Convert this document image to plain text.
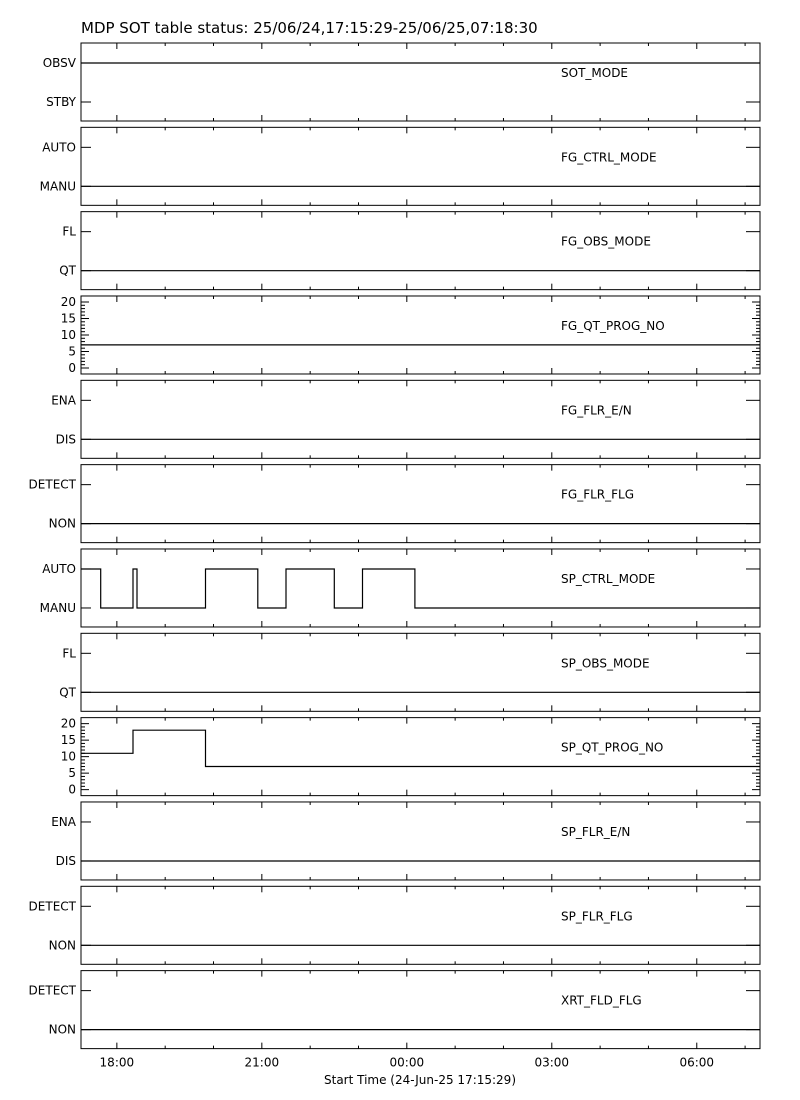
MDP SOT table status: 25/06/24,17:15:29-25/06/25,07:18:30
OBSV
STBY
SOT_MODE
AUTO
MANU
FG_CTRL_MODE
FL
QT
FG_OBS_MODE
0
5
10
15
20
FG_QT_PROG_NO
ENA
DIS
FG_FLR_E/N
DETECT
NON
FG_FLR_FLG
AUTO
MANU
SP_CTRL_MODE
FL
QT
SP_OBS_MODE
0
5
10
15
20
SP_QT_PROG_NO
ENA
DIS
SP_FLR_E/N
DETECT
NON
SP_FLR_FLG
DETECT
NON
XRT_FLD_FLG
18:00	21:00	00:00	03:00	06:00
Start Time (24-Jun-25 17:15:29)
